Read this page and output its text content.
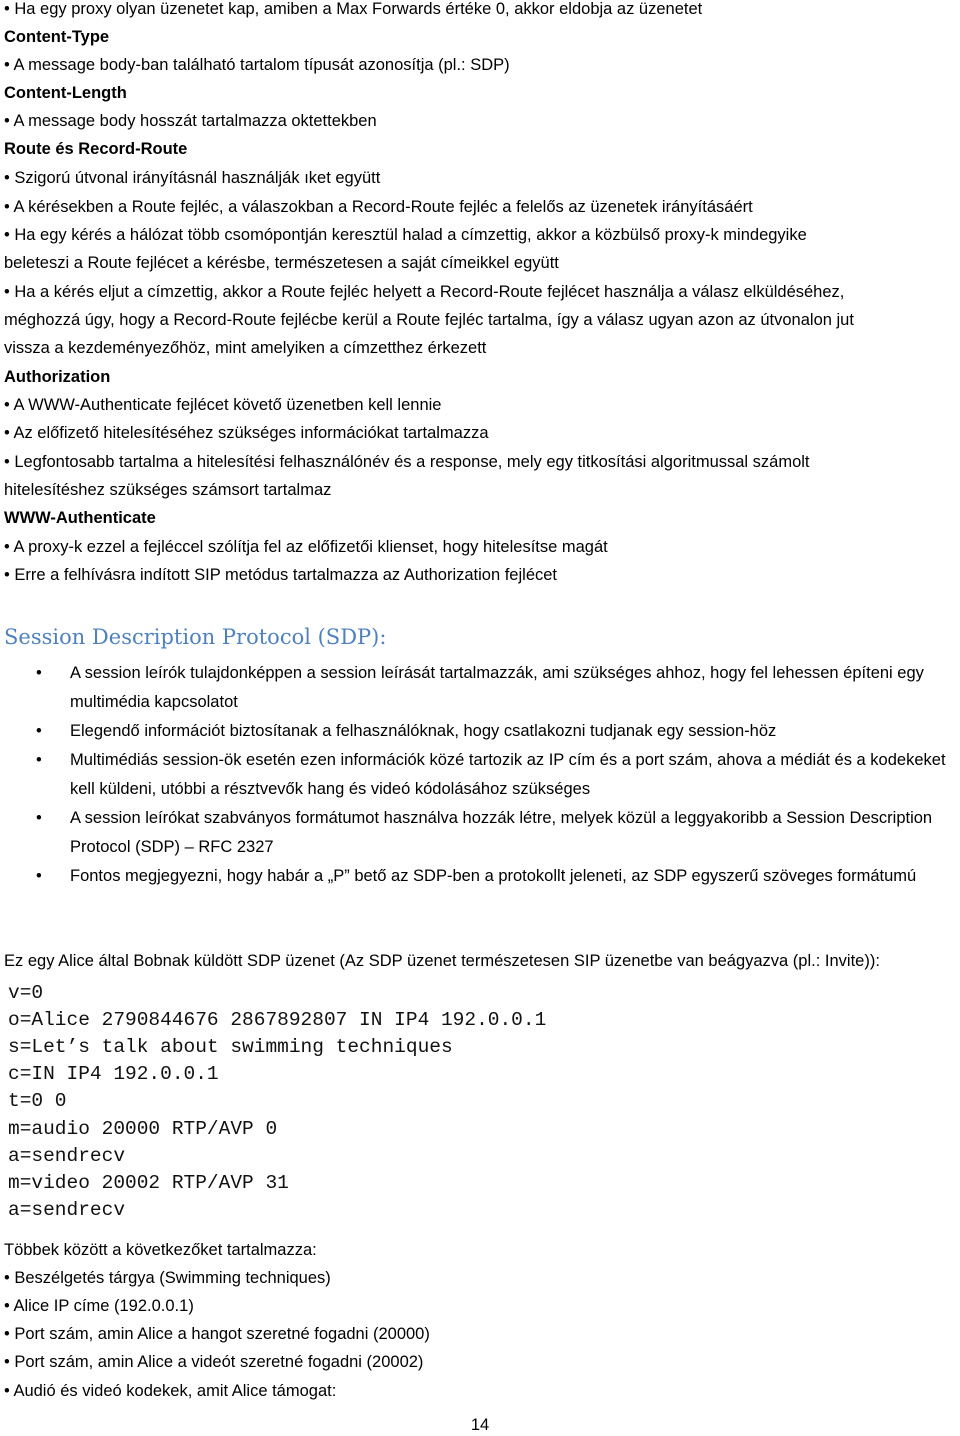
• Ha egy proxy olyan üzenetet kap, amiben a Max Forwards értéke 0, akkor eldobja az üzenetet
Content-Type
• A message body-ban található tartalom típusát azonosítja (pl.: SDP)
Content-Length
• A message body hosszát tartalmazza oktettekben
Route és Record-Route
• Szigorú útvonal irányításnál használják ıket együtt
• A kérésekben a Route fejléc, a válaszokban a Record-Route fejléc a felelős az üzenetek irányításáért
• Ha egy kérés a hálózat több csomópontján keresztül halad a címzettig, akkor a közbülső proxy-k mindegyike
beleteszi a Route fejlécet a kérésbe, természetesen a saját címeikkel együtt
• Ha a kérés eljut a címzettig, akkor a Route fejléc helyett a Record-Route fejlécet használja a válasz elküldéséhez,
méghozzá úgy, hogy a Record-Route fejlécbe kerül a Route fejléc tartalma, így a válasz ugyan azon az útvonalon jut
vissza a kezdeményezőhöz, mint amelyiken a címzetthez érkezett
Authorization
• A WWW-Authenticate fejlécet követő üzenetben kell lennie
• Az előfizető hitelesítéséhez szükséges információkat tartalmazza
• Legfontosabb tartalma a hitelesítési felhasználónév és a response, mely egy titkosítási algoritmussal számolt
hitelesítéshez szükséges számsort tartalmaz
WWW-Authenticate
• A proxy-k ezzel a fejléccel szólítja fel az előfizetői klienset, hogy hitelesítse magát
• Erre a felhívásra indított SIP metódus tartalmazza az Authorization fejlécet
Session Description Protocol (SDP):
• A session leírók tulajdonképpen a session leírását tartalmazzák, ami szükséges ahhoz, hogy fel lehessen építeni egy multimédia kapcsolatot
• Elegendő információt biztosítanak a felhasználóknak, hogy csatlakozni tudjanak egy session-höz
• Multimédiás session-ök esetén ezen információk közé tartozik az IP cím és a port szám, ahova a médiát és a kodekeket kell küldeni, utóbbi a résztvevők hang és videó kódolásához szükséges
• A session leírókat szabványos formátumot használva hozzák létre, melyek közül a leggyakoribb a Session Description Protocol (SDP) – RFC 2327
• Fontos megjegyezni, hogy habár a „P” bető az SDP-ben a protokollt jeleneti, az SDP egyszerű szöveges formátumú
Ez egy Alice által Bobnak küldött SDP üzenet (Az SDP üzenet természetesen SIP üzenetbe van beágyazva (pl.: Invite)):
v=0
o=Alice 2790844676 2867892807 IN IP4 192.0.0.1
s=Let’s talk about swimming techniques
c=IN IP4 192.0.0.1
t=0 0
m=audio 20000 RTP/AVP 0
a=sendrecv
m=video 20002 RTP/AVP 31
a=sendrecv
Többek között a következőket tartalmazza:
• Beszélgetés tárgya (Swimming techniques)
• Alice IP címe (192.0.0.1)
• Port szám, amin Alice a hangot szeretné fogadni (20000)
• Port szám, amin Alice a videót szeretné fogadni (20002)
• Audió és videó kodekek, amit Alice támogat:
14
